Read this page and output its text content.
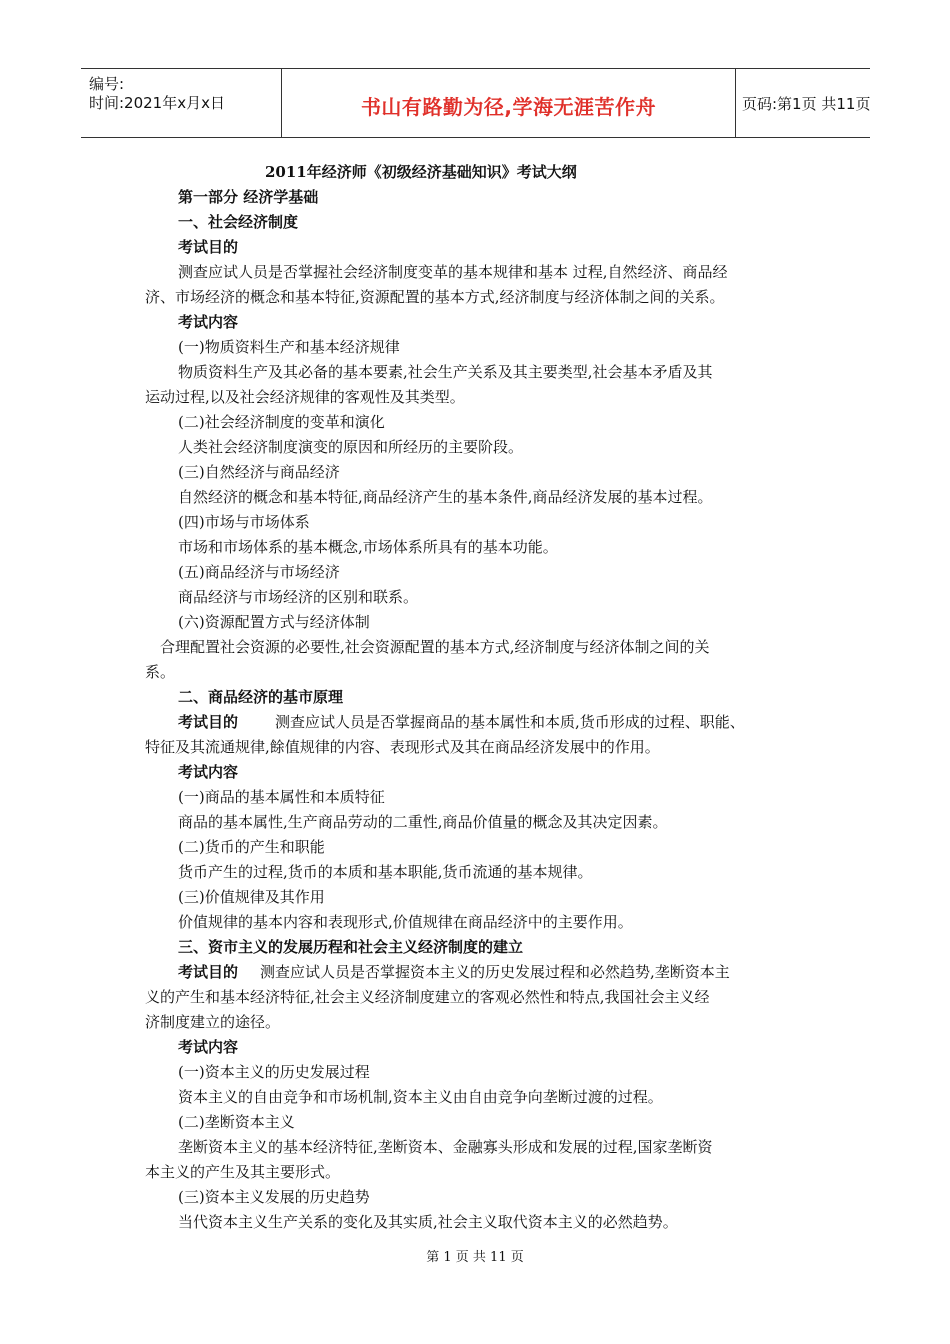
编号:
时间:2021年x月x日	书山有路勤为径,学海无涯苦作舟	页码:第1页 共11页
2011年经济师《初级经济基础知识》考试大纲
第一部分 经济学基础
一、社会经济制度
考试目的
测查应试人员是否掌握社会经济制度变革的基本规律和基本 过程,自然经济、商品经
济、市场经济的概念和基本特征,资源配置的基本方式,经济制度与经济体制之间的关系。
考试内容
(一)物质资料生产和基本经济规律
物质资料生产及其必备的基本要素,社会生产关系及其主要类型,社会基本矛盾及其
运动过程,以及社会经济规律的客观性及其类型。
(二)社会经济制度的变革和演化
人类社会经济制度演变的原因和所经历的主要阶段。
(三)自然经济与商品经济
自然经济的概念和基本特征,商品经济产生的基本条件,商品经济发展的基本过程。
(四)市场与市场体系
市场和市场体系的基本概念,市场体系所具有的基本功能。
(五)商品经济与市场经济
商品经济与市场经济的区别和联系。
(六)资源配置方式与经济体制
合理配置社会资源的必要性,社会资源配置的基本方式,经济制度与经济体制之间的关
系。
二、商品经济的基市原理
考试目的 测查应试人员是否掌握商品的基本属性和本质,货币形成的过程、职能、
特征及其流通规律,餘值规律的内容、表现形式及其在商品经济发展中的作用。
考试内容
(一)商品的基本属性和本质特征
商品的基本属性,生产商品劳动的二重性,商品价值量的概念及其决定因素。
(二)货币的产生和职能
货币产生的过程,货币的本质和基本职能,货币流通的基本规律。
(三)价值规律及其作用
价值规律的基本内容和表现形式,价值规律在商品经济中的主要作用。
三、资市主义的发展历程和社会主义经济制度的建立
考试目的 测查应试人员是否掌握资本主义的历史发展过程和必然趋势,垄断资本主
义的产生和基本经济特征,社会主义经济制度建立的客观必然性和特点,我国社会主义经
济制度建立的途径。
考试内容
(一)资本主义的历史发展过程
资本主义的自由竞争和市场机制,资本主义由自由竞争向垄断过渡的过程。
(二)垄断资本主义
垄断资本主义的基本经济特征,垄断资本、金融寡头形成和发展的过程,国家垄断资
本主义的产生及其主要形式。
(三)资本主义发展的历史趋势
当代资本主义生产关系的变化及其实质,社会主义取代资本主义的必然趋势。
第 1 页 共 11 页
